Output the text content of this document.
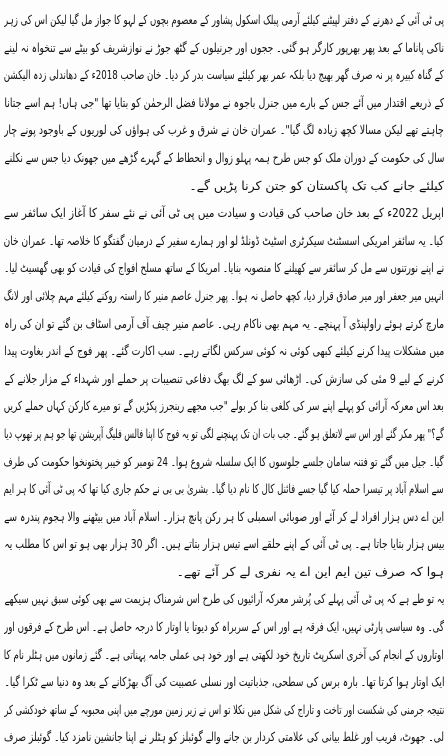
پی ٹی آئی کے دھرنے کے دفتر لپیٹنے کیلئے آرمی پبلک اسکول پشاور کے معصوم بچوں کے لہو کا جواز مل گیا لیکن اس کی زہر
ناکی پاناما کے بعد پھر بھرپور کارگر ہو گئی۔ ججوں اور جرنیلوں کے گٹھ جوڑ نے نوازشریف کو بیٹے سے تنخواہ نہ لینے
کے گناہ کبیرہ پر نہ صرف گھر بھیج دیا بلکہ عمر بھر کیلئے سیاست بدر کر دیا۔ خان صاحب 2018ء کے دھاندلی زدہ الیکشن
کے ذریعے اقتدار میں آئے جس کے بارے میں جنرل باجوہ نے مولانا فضل الرحمٰن کو بتایا تھا "جی ہاں! ہم اسے جتانا
چاہتے تھے لیکن مسالا کچھ زیادہ لگ گیا"۔ عمران خان نے شرق و غرب کی ہواؤں کی لوریوں کے باوجود پونے چار
سال کی حکومت کے دوران ملک کو جس طرح ہمہ پہلو زوال و انحطاط کے گہرے گڑھے میں جھونک دیا جس سے نکلنے
کیلئے جانے کب تک پاکستان کو جتن کرنا پڑیں گے۔
اپریل 2022ء کے بعد خان صاحب کی قیادت و سیادت میں پی ٹی آئی نے نئے سفر کا آغاز ایک سائفر سے
کیا۔ یہ سائفر امریکی اسسٹنٹ سیکرٹری اسٹیٹ ڈونلڈ لو اور ہمارے سفیر کے درمیان گفتگو کا خلاصہ تھا۔ عمران خان
نے اپنے نورتنوں سے مل کر سائفر سے کھیلنے کا منصوبہ بنایا۔ امریکا کے ساتھ مسلح افواج کی قیادت کو بھی گھسیٹ لیا۔
انہیں میر جعفر اور میر صادق قرار دیا، کچھ حاصل نہ ہوا۔ پھر جنرل عاصم منیر کا راستہ روکنے کیلئے مہم چلائی اور لانگ
مارچ کرتے ہوئے راولپنڈی آ پہنچے۔ یہ مہم بھی ناکام رہی۔ عاصم منیر چیف آف آرمی اسٹاف بن گئے تو ان کی راہ
میں مشکلات پیدا کرنے کیلئے کبھی کوئی نہ کوئی سرکس لگاتے رہے۔ سب اکارت گئے۔ پھر فوج کے اندر بغاوت پیدا
کرنے کے لیے 9 مئی کی سازش کی۔ اڑھائی سو کے لگ بھگ دفاعی تنصیبات پر حملے اور شہداء کے مزار جلانے کے
بعد اس معرکہ آرائی کو پہلے اپنے سر کی کلغی بنا کر بولے "جب مجھے رینجرز پکڑیں گے تو میرے کارکن کہاں حملے کریں
گے؟" پھر مکر گئے اور اس سے لاتعلق ہو گئے۔ جب بات ان تک پہنچنے لگی تو یہ فوج کا اپنا فالس فلیگ آپریشن تھا جو ہم پر تھوپ دیا
گیا۔ جیل میں گئے تو فتنہ سامان جلسے جلوسوں کا ایک سلسلہ شروع ہوا۔ 24 نومبر کو خیبر پختونخوا حکومت کی طرف
سے اسلام آباد پر تیسرا حملہ کیا گیا جسے فائنل کال کا نام دیا گیا۔ بشریٰ بی بی نے حکم جاری کیا تھا کہ پی ٹی آئی کا ہر ایم
این اے دس ہزار افراد لے کر آئے اور صوبائی اسمبلی کا ہر رکن پانچ ہزار۔ اسلام آباد میں بیٹھنے والا ہجوم پندرہ سے
بیس ہزار بتایا جاتا ہے۔ پی ٹی آئی کے اپنے حلقے اسے تیس ہزار بتاتے ہیں۔ اگر 30 ہزار بھی ہو تو اس کا مطلب یہ
ہوا کہ صرف تین ایم این اے یہ نفری لے کر آئے تھے۔
یہ تو طے ہے کہ پی ٹی آئی پہلے کی پُرشر معرکہ آرائیوں کی طرح اس شرمناک ہزیمت سے بھی کوئی سبق نہیں سیکھے
گی۔ وہ سیاسی پارٹی نہیں، ایک فرقہ ہے اور اس کے سربراہ کو دیوتا یا اوتار کا درجہ حاصل ہے۔ اس طرح کے فرقوں اور
اوتاروں کے انجام کی آخری اسکرپٹ تاریخ خود لکھتی ہے اور خود ہی عملی جامہ پہناتی ہے۔ گئے زمانوں میں ہٹلر نام کا
ایک اوتار ہوا کرتا تھا۔ بارہ برس کی سطحی، جذباتیت اور نسلی عصبیت کی آگ بھڑکانے کے بعد وہ دنیا سے ٹکرا گیا۔
نتیجہ جرمنی کی شکست اور تاخت و تاراج کی شکل میں نکلا تو اس نے زیر زمین مورچے میں اپنی محبوبہ کے ساتھ خودکشی کر
لی۔ جھوٹ، فریب اور غلط بیانی کی علامتی کردار بن جانے والے گوئبلز کو ہٹلر نے اپنا جانشین نامزد کیا۔ گوئبلز صرف
